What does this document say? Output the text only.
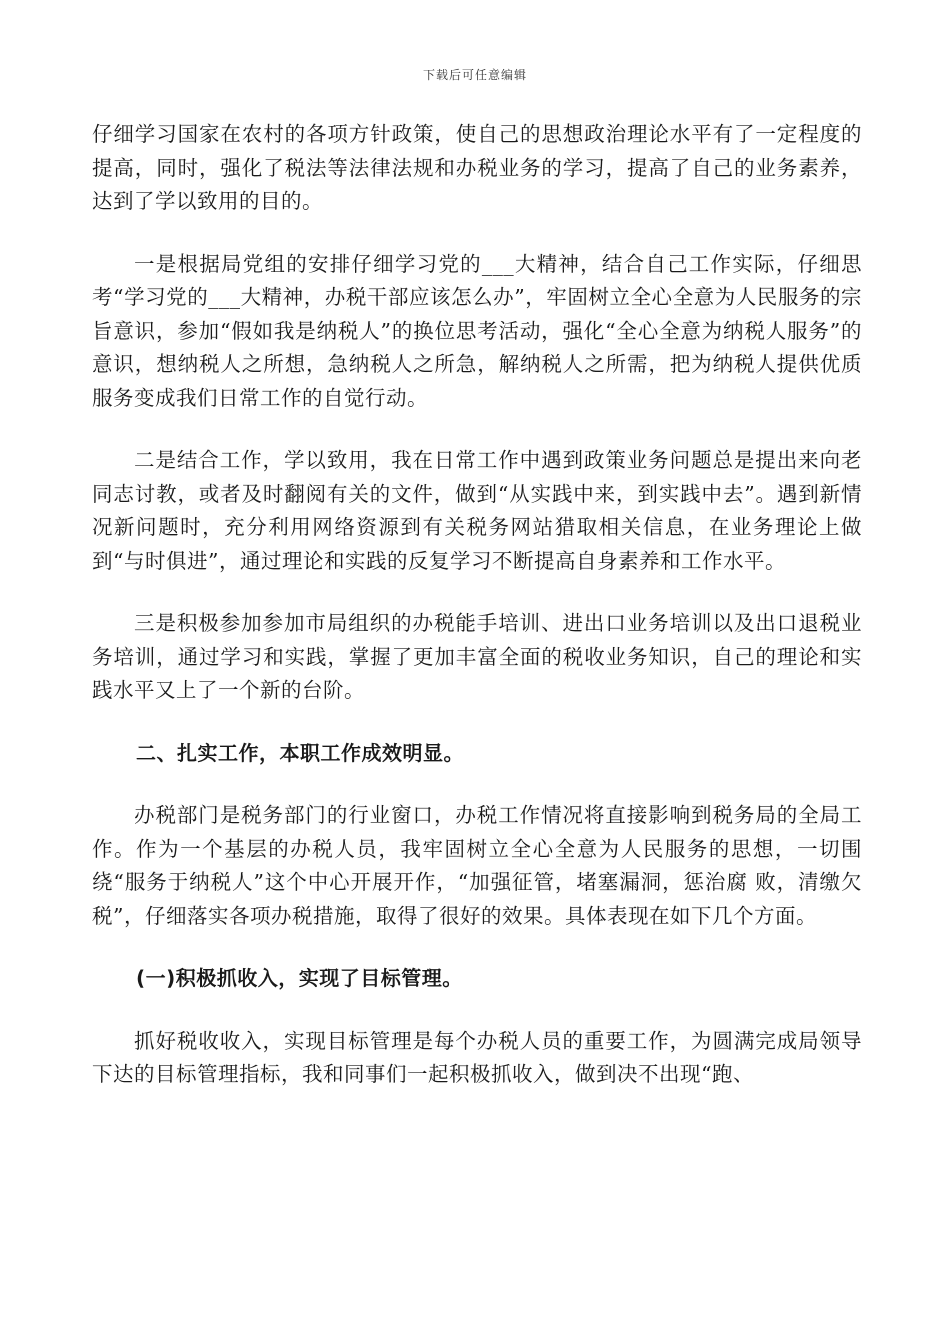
下载后可任意编辑

仔细学习国家在农村的各项方针政策，使自己的思想政治理论水平有了一定程度的提高，同时，强化了税法等法律法规和办税业务的学习，提高了自己的业务素养，达到了学以致用的目的。

一是根据局党组的安排仔细学习党的___大精神，结合自己工作实际，仔细思考“学习党的___大精神，办税干部应该怎么办”，牢固树立全心全意为人民服务的宗旨意识，参加“假如我是纳税人”的换位思考活动，强化“全心全意为纳税人服务”的意识，想纳税人之所想，急纳税人之所急，解纳税人之所需，把为纳税人提供优质服务变成我们日常工作的自觉行动。

二是结合工作，学以致用，我在日常工作中遇到政策业务问题总是提出来向老同志讨教，或者及时翻阅有关的文件，做到“从实践中来，到实践中去”。遇到新情况新问题时，充分利用网络资源到有关税务网站猎取相关信息，在业务理论上做到“与时俱进”，通过理论和实践的反复学习不断提高自身素养和工作水平。

三是积极参加参加市局组织的办税能手培训、进出口业务培训以及出口退税业务培训，通过学习和实践，掌握了更加丰富全面的税收业务知识，自己的理论和实践水平又上了一个新的台阶。

二、扎实工作，本职工作成效明显。

办税部门是税务部门的行业窗口，办税工作情况将直接影响到税务局的全局工作。作为一个基层的办税人员，我牢固树立全心全意为人民服务的思想，一切围绕“服务于纳税人”这个中心开展开作，“加强征管，堵塞漏洞，惩治腐 败，清缴欠税”，仔细落实各项办税措施，取得了很好的效果。具体表现在如下几个方面。

(一)积极抓收入，实现了目标管理。

抓好税收收入，实现目标管理是每个办税人员的重要工作，为圆满完成局领导下达的目标管理指标，我和同事们一起积极抓收入，做到决不出现“跑、
